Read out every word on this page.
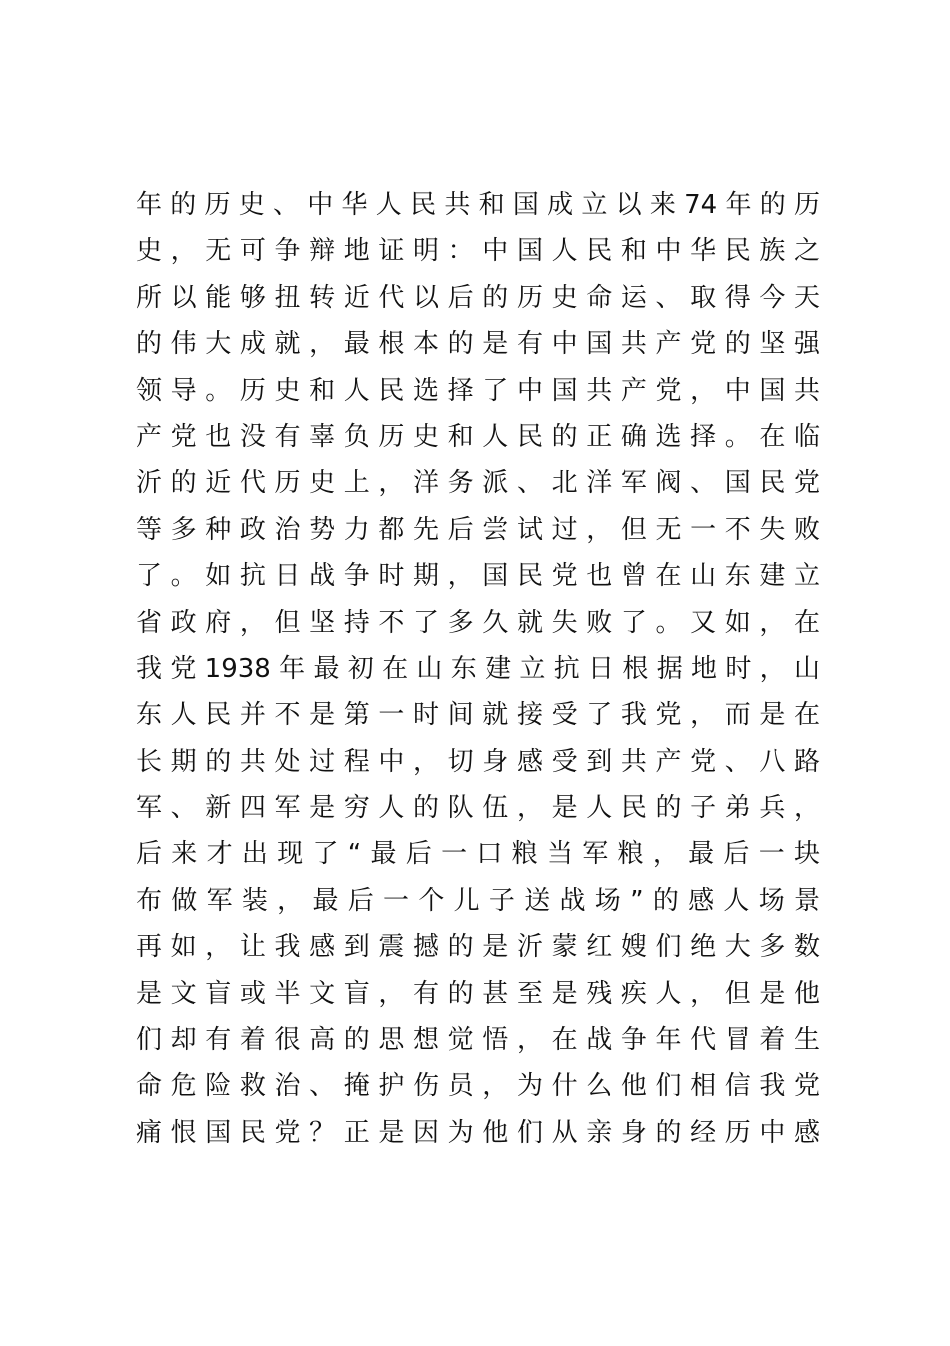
年的历史、中华人民共和国成立以来74年的历
史，无可争辩地证明：中国人民和中华民族之
所以能够扭转近代以后的历史命运、取得今天
的伟大成就，最根本的是有中国共产党的坚强
领导。历史和人民选择了中国共产党，中国共
产党也没有辜负历史和人民的正确选择。在临
沂的近代历史上，洋务派、北洋军阀、国民党
等多种政治势力都先后尝试过，但无一不失败
了。如抗日战争时期，国民党也曾在山东建立
省政府，但坚持不了多久就失败了。又如，在
我党1938年最初在山东建立抗日根据地时，山
东人民并不是第一时间就接受了我党，而是在
长期的共处过程中，切身感受到共产党、八路
军、新四军是穷人的队伍，是人民的子弟兵，
后来才出现了“最后一口粮当军粮，最后一块
布做军装，最后一个儿子送战场”的感人场景
再如，让我感到震撼的是沂蒙红嫂们绝大多数
是文盲或半文盲，有的甚至是残疾人，但是他
们却有着很高的思想觉悟，在战争年代冒着生
命危险救治、掩护伤员，为什么他们相信我党
痛恨国民党？正是因为他们从亲身的经历中感
